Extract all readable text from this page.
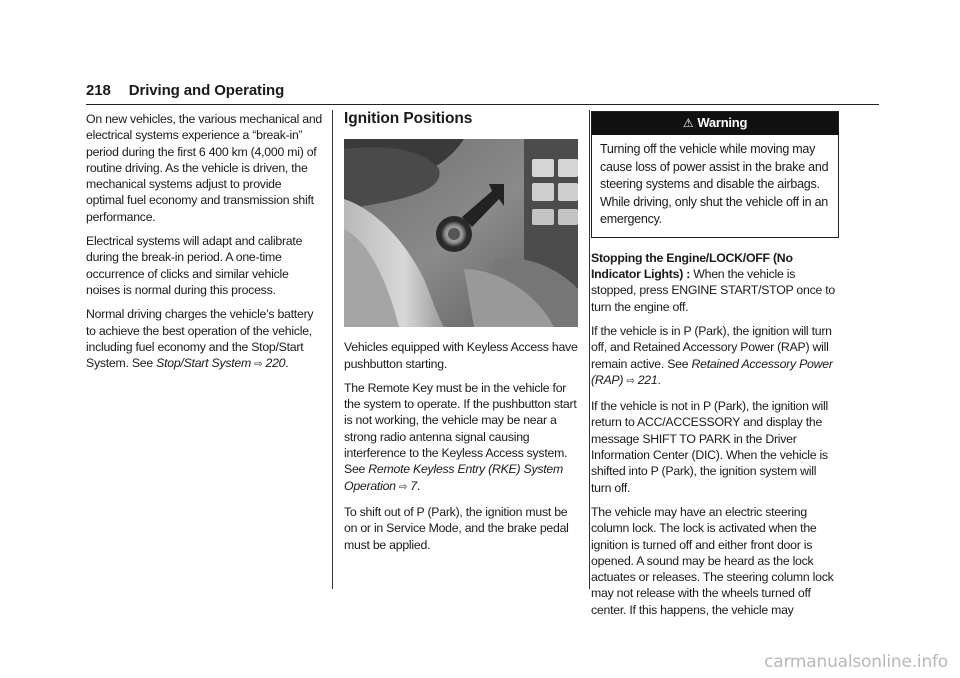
218 Driving and Operating

On new vehicles, the various mechanical and electrical systems experience a “break-in” period during the first 6 400 km (4,000 mi) of routine driving. As the vehicle is driven, the mechanical systems adjust to provide optimal fuel economy and transmission shift performance.

Electrical systems will adapt and calibrate during the break-in period. A one-time occurrence of clicks and similar vehicle noises is normal during this process.

Normal driving charges the vehicle’s battery to achieve the best operation of the vehicle, including fuel economy and the Stop/Start System. See Stop/Start System ⇨ 220.

Ignition Positions

Vehicles equipped with Keyless Access have pushbutton starting.

The Remote Key must be in the vehicle for the system to operate. If the pushbutton start is not working, the vehicle may be near a strong radio antenna signal causing interference to the Keyless Access system. See Remote Keyless Entry (RKE) System Operation ⇨ 7.

To shift out of P (Park), the ignition must be on or in Service Mode, and the brake pedal must be applied.

⚠ Warning
Turning off the vehicle while moving may cause loss of power assist in the brake and steering systems and disable the airbags. While driving, only shut the vehicle off in an emergency.

Stopping the Engine/LOCK/OFF (No Indicator Lights) : When the vehicle is stopped, press ENGINE START/STOP once to turn the engine off.

If the vehicle is in P (Park), the ignition will turn off, and Retained Accessory Power (RAP) will remain active. See Retained Accessory Power (RAP) ⇨ 221.

If the vehicle is not in P (Park), the ignition will return to ACC/ACCESSORY and display the message SHIFT TO PARK in the Driver Information Center (DIC). When the vehicle is shifted into P (Park), the ignition system will turn off.

The vehicle may have an electric steering column lock. The lock is activated when the ignition is turned off and either front door is opened. A sound may be heard as the lock actuates or releases. The steering column lock may not release with the wheels turned off center. If this happens, the vehicle may

carmanualsonline.info
